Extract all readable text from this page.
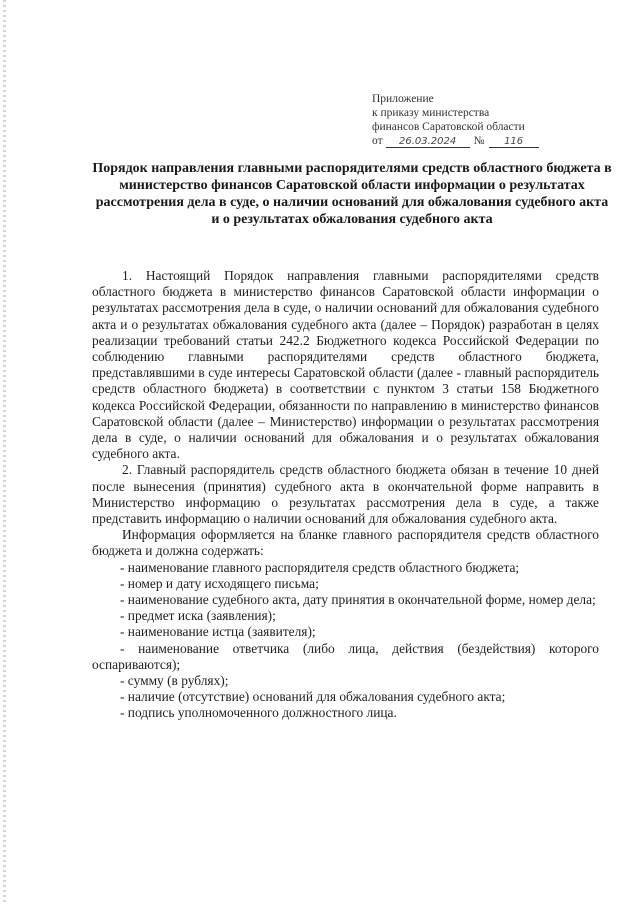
Приложение
к приказу министерства
финансов Саратовской области
от 26.03.2024 № 116
Порядок направления главными распорядителями средств областного бюджета в министерство финансов Саратовской области информации о результатах рассмотрения дела в суде, о наличии оснований для обжалования судебного акта и о результатах обжалования судебного акта

1. Настоящий Порядок направления главными распорядителями средств областного бюджета в министерство финансов Саратовской области информации о результатах рассмотрения дела в суде, о наличии оснований для обжалования судебного акта и о результатах обжалования судебного акта (далее – Порядок) разработан в целях реализации требований статьи 242.2 Бюджетного кодекса Российской Федерации по соблюдению главными распорядителями средств областного бюджета, представлявшими в суде интересы Саратовской области (далее - главный распорядитель средств областного бюджета) в соответствии с пунктом 3 статьи 158 Бюджетного кодекса Российской Федерации, обязанности по направлению в министерство финансов Саратовской области (далее – Министерство) информации о результатах рассмотрения дела в суде, о наличии оснований для обжалования и о результатах обжалования судебного акта.

2. Главный распорядитель средств областного бюджета обязан в течение 10 дней после вынесения (принятия) судебного акта в окончательной форме направить в Министерство информацию о результатах рассмотрения дела в суде, а также представить информацию о наличии оснований для обжалования судебного акта.

Информация оформляется на бланке главного распорядителя средств областного бюджета и должна содержать:

- наименование главного распорядителя средств областного бюджета;

- номер и дату исходящего письма;

- наименование судебного акта, дату принятия в окончательной форме, номер дела;

- предмет иска (заявления);

- наименование истца (заявителя);

- наименование ответчика (либо лица, действия (бездействия) которого оспариваются);

- сумму (в рублях);

- наличие (отсутствие) оснований для обжалования судебного акта;

- подпись уполномоченного должностного лица.
